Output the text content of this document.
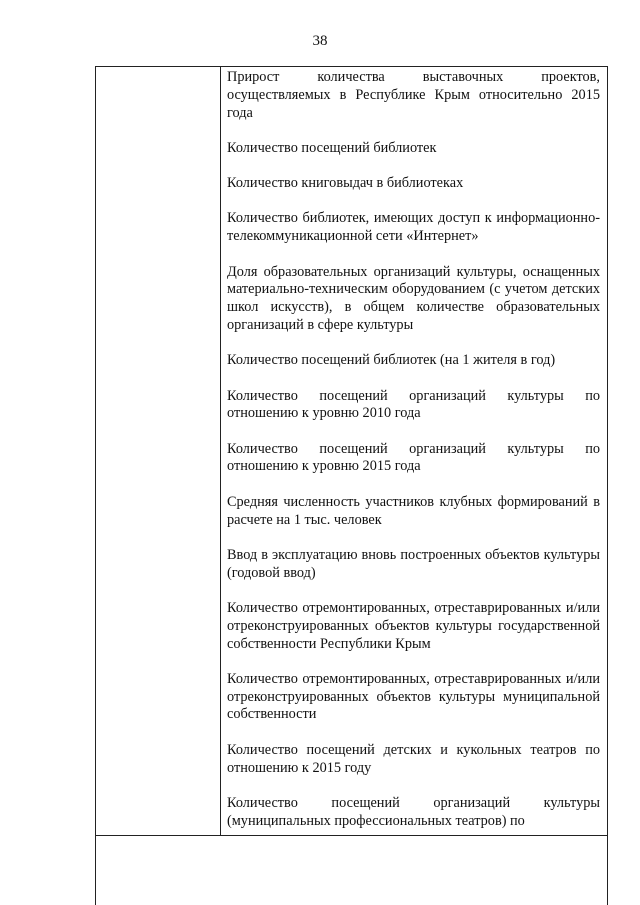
38

Прирост количества выставочных проектов, осуществляемых в Республике Крым относительно 2015 года

Количество посещений библиотек

Количество книговыдач в библиотеках

Количество библиотек, имеющих доступ к информационно-телекоммуникационной сети «Интернет»

Доля образовательных организаций культуры, оснащенных материально-техническим оборудованием (с учетом детских школ искусств), в общем количестве образовательных организаций в сфере культуры

Количество посещений библиотек (на 1 жителя в год)

Количество посещений организаций культуры по отношению к уровню 2010 года

Количество посещений организаций культуры по отношению к уровню 2015 года

Средняя численность участников клубных формирований в расчете на 1 тыс. человек

Ввод в эксплуатацию вновь построенных объектов культуры (годовой ввод)

Количество отремонтированных, отреставрированных и/или отреконструированных объектов культуры государственной собственности Республики Крым

Количество отремонтированных, отреставрированных и/или отреконструированных объектов культуры муниципальной собственности

Количество посещений детских и кукольных театров по отношению к 2015 году

Количество посещений организаций культуры (муниципальных профессиональных театров) по
